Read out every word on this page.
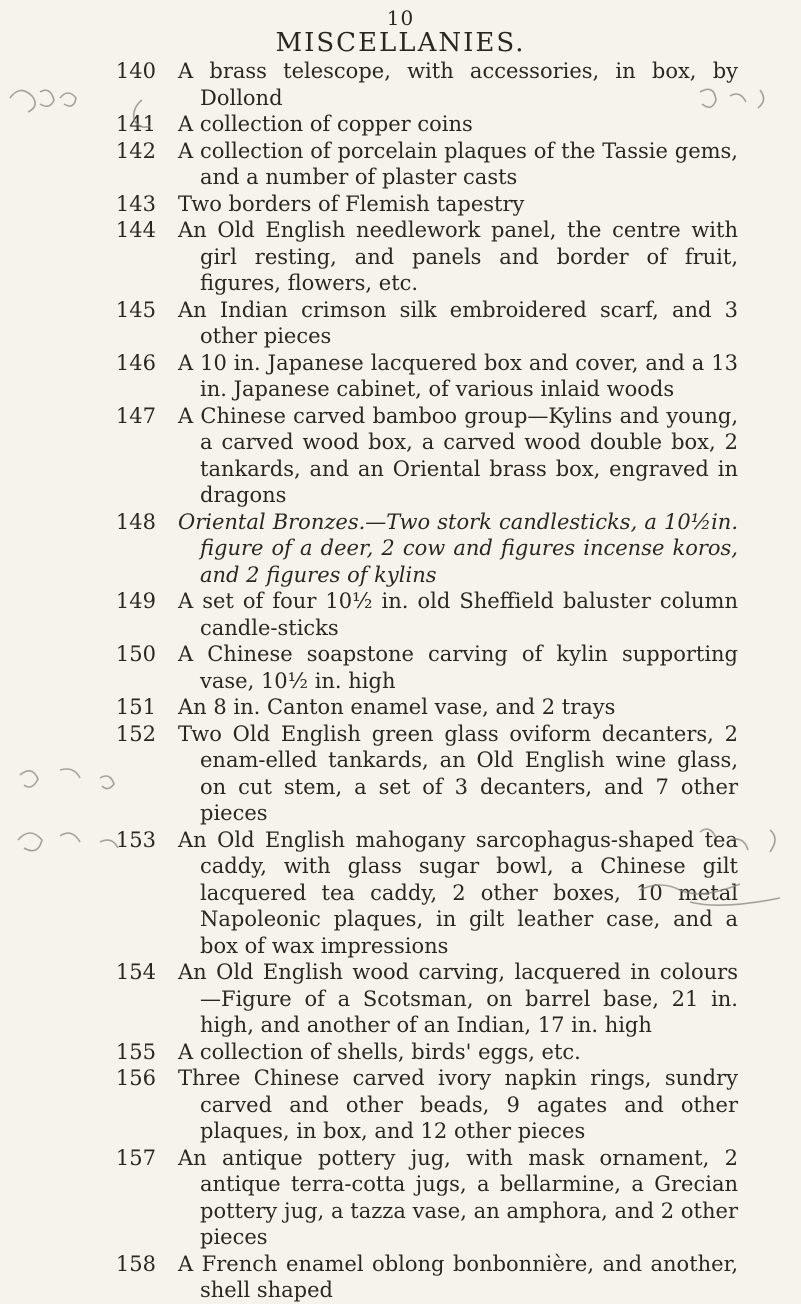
10
MISCELLANIES.
140	A brass telescope, with accessories, in box, by Dollond
141	A collection of copper coins
142	A collection of porcelain plaques of the Tassie gems, and a number of plaster casts
143	Two borders of Flemish tapestry
144	An Old English needlework panel, the centre with girl resting, and panels and border of fruit, figures, flowers, etc.
145	An Indian crimson silk embroidered scarf, and 3 other pieces
146	A 10 in. Japanese lacquered box and cover, and a 13 in. Japanese cabinet, of various inlaid woods
147	A Chinese carved bamboo group—Kylins and young, a carved wood box, a carved wood double box, 2 tankards, and an Oriental brass box, engraved in dragons
148	Oriental Bronzes.—Two stork candlesticks, a 10½in. figure of a deer, 2 cow and figures incense koros, and 2 figures of kylins
149	A set of four 10½ in. old Sheffield baluster column candle-sticks
150	A Chinese soapstone carving of kylin supporting vase, 10½ in. high
151	An 8 in. Canton enamel vase, and 2 trays
152	Two Old English green glass oviform decanters, 2 enam-elled tankards, an Old English wine glass, on cut stem, a set of 3 decanters, and 7 other pieces
153	An Old English mahogany sarcophagus-shaped tea caddy, with glass sugar bowl, a Chinese gilt lacquered tea caddy, 2 other boxes, 10 metal Napoleonic plaques, in gilt leather case, and a box of wax impressions
154	An Old English wood carving, lacquered in colours—Figure of a Scotsman, on barrel base, 21 in. high, and another of an Indian, 17 in. high
155	A collection of shells, birds' eggs, etc.
156	Three Chinese carved ivory napkin rings, sundry carved and other beads, 9 agates and other plaques, in box, and 12 other pieces
157	An antique pottery jug, with mask ornament, 2 antique terra-cotta jugs, a bellarmine, a Grecian pottery jug, a tazza vase, an amphora, and 2 other pieces
158	A French enamel oblong bonbonnière, and another, shell shaped
